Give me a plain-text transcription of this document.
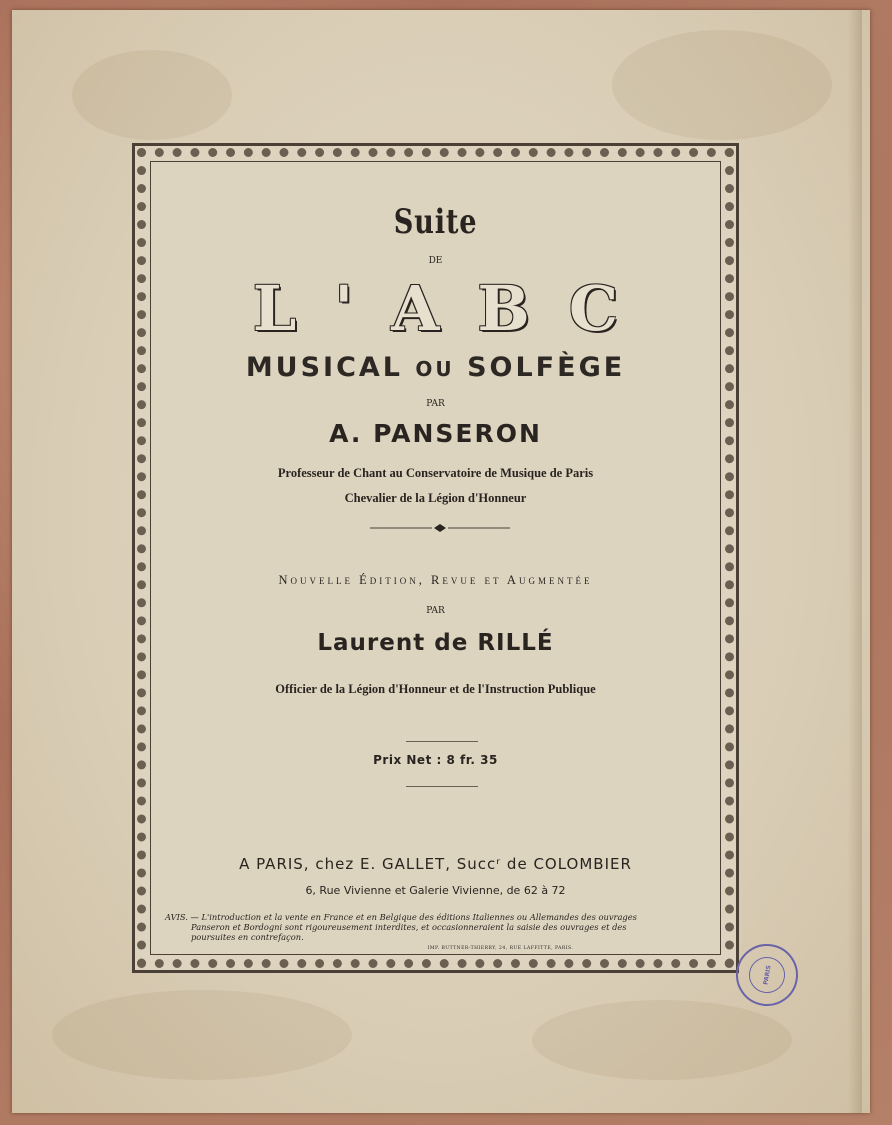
Suite
DE
L'ABC
MUSICAL OU SOLFÈGE
PAR
A. PANSERON
Professeur de Chant au Conservatoire de Musique de Paris
Chevalier de la Légion d'Honneur
Nouvelle Édition, Revue et Augmentée
PAR
Laurent de RILLÉ
Officier de la Légion d'Honneur et de l'Instruction Publique
Prix Net : 8 fr. 35
A PARIS, chez E. GALLET, Succʳ de COLOMBIER
6, Rue Vivienne et Galerie Vivienne, de 62 à 72
AVIS. — L'introduction et la vente en France et en Belgique des éditions Italiennes ou Allemandes des ouvrages
Panseron et Bordogni sont rigoureusement interdites, et occasionneraient la saisie des ouvrages et des
poursuites en contrefaçon.
IMP. BUTTNER-THIERRY, 24, RUE LAFFITTE, PARIS.
PARIS
